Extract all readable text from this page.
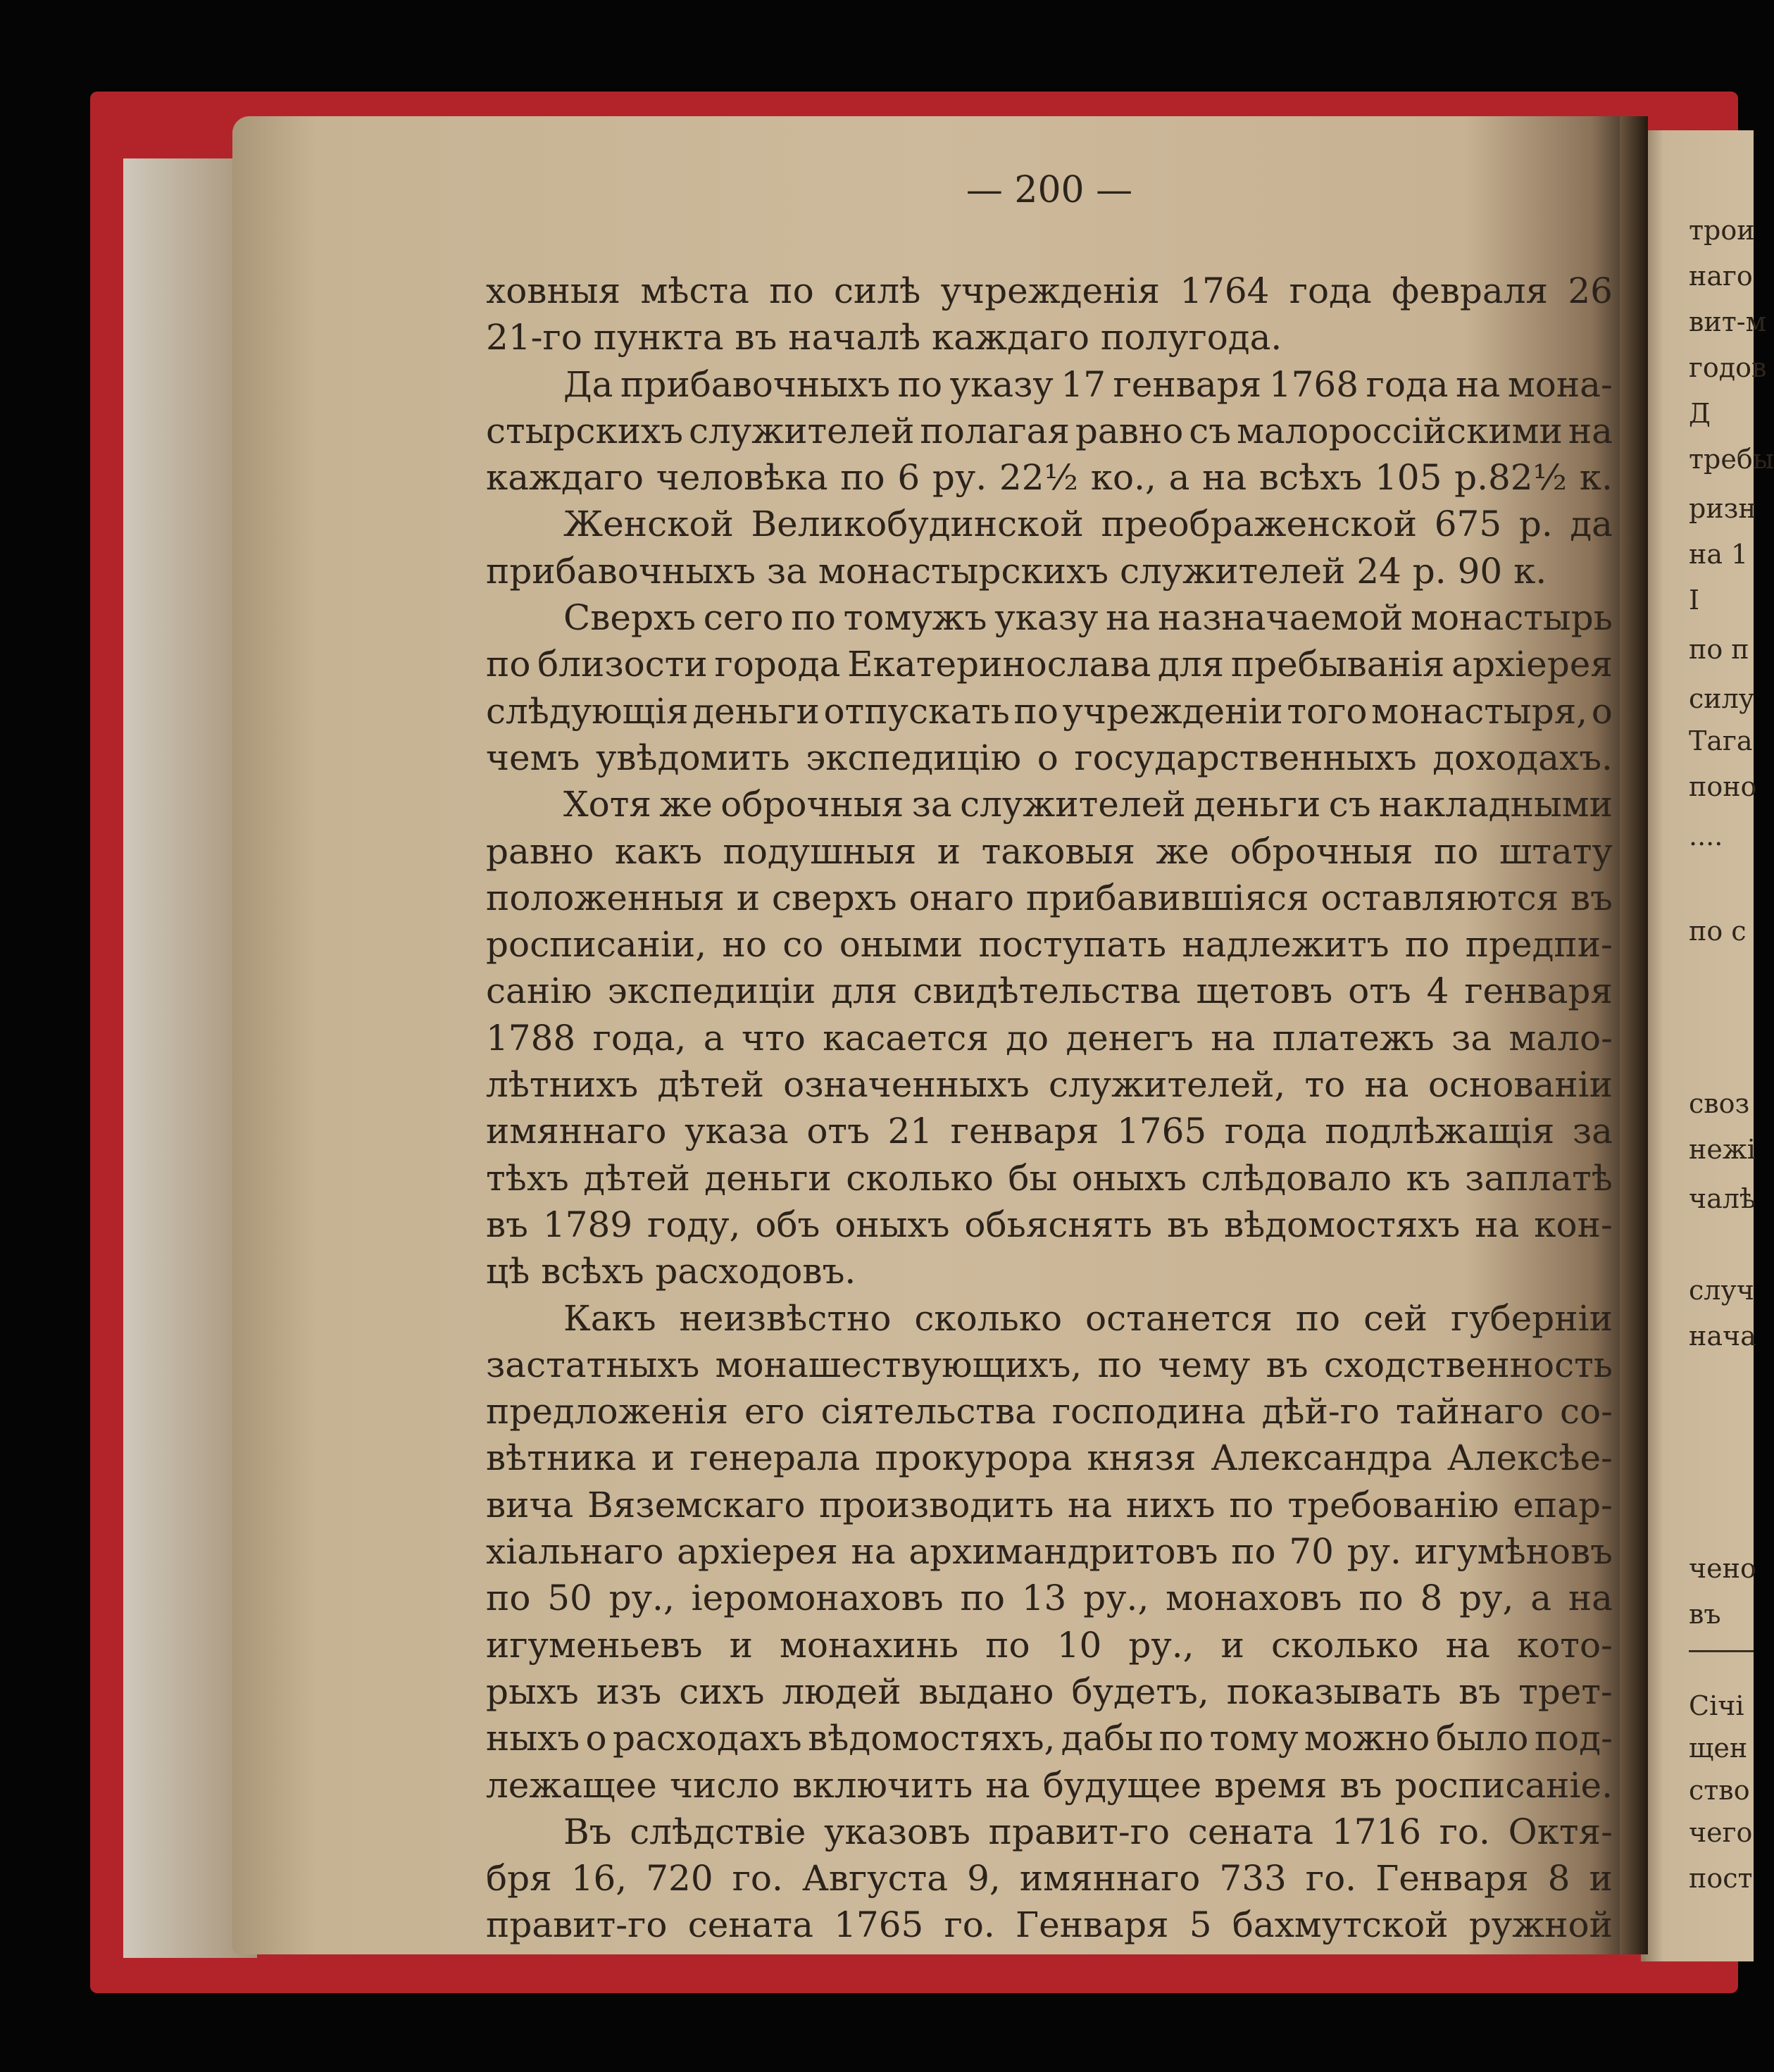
— 200 —
ховныя мѣста по силѣ учрежденія 1764 года февраля 26
21-го пункта въ началѣ каждаго полугода.
Да прибавочныхъ по указу 17 генваря 1768 года на мона-
стырскихъ служителей полагая равно съ малороссійскими на
каждаго человѣка по 6 ру. 22½ ко., а на всѣхъ 105 р.82½ к.
Женской Великобудинской преображенской 675 р. да
прибавочныхъ за монастырскихъ служителей 24 р. 90 к.
Сверхъ сего по томужъ указу на назначаемой монастырь
по близости города Екатеринослава для пребыванія архіерея
слѣдующія деньги отпускать по учрежденіи того монастыря, о
чемъ увѣдомить экспедицію о государственныхъ доходахъ.
Хотя же оброчныя за служителей деньги съ накладными
равно какъ подушныя и таковыя же оброчныя по штату
положенныя и сверхъ онаго прибавившіяся оставляются въ
росписаніи, но со оными поступать надлежитъ по предпи-
санію экспедиціи для свидѣтельства щетовъ отъ 4 генваря
1788 года, а что касается до денегъ на платежъ за мало-
лѣтнихъ дѣтей означенныхъ служителей, то на основаніи
имяннаго указа отъ 21 генваря 1765 года подлѣжащія за
тѣхъ дѣтей деньги сколько бы оныхъ слѣдовало къ заплатѣ
въ 1789 году, объ оныхъ обьяснять въ вѣдомостяхъ на кон-
цѣ всѣхъ расходовъ.
Какъ неизвѣстно сколько останется по сей губерніи
застатныхъ монашествующихъ, по чему въ сходственность
предложенія его сіятельства господина дѣй-го тайнаго со-
вѣтника и генерала прокурора князя Александра Алексѣе-
вича Вяземскаго производить на нихъ по требованію епар-
хіальнаго архіерея на архимандритовъ по 70 ру. игумѣновъ
по 50 ру., іеромонаховъ по 13 ру., монаховъ по 8 ру, а на
игуменьевъ и монахинь по 10 ру., и сколько на кото-
рыхъ изъ сихъ людей выдано будетъ, показывать въ трет-
ныхъ о расходахъ вѣдомостяхъ, дабы по тому можно было под-
лежащее число включить на будущее время въ росписаніе.
Въ слѣдствіе указовъ правит-го сената 1716 го. Октя-
бря 16, 720 го. Августа 9, имяннаго 733 го. Генваря 8 и
правит-го сената 1765 го. Генваря 5 бахмутской ружной
трои
наго
вит-м
годов
Д
требы
ризн
на 1
І
по п
силу
Тага
поно
....
по с
своз
нежі
чалѣ
случ
нача
чено
въ
Січі
щен
ство
чего
пост
